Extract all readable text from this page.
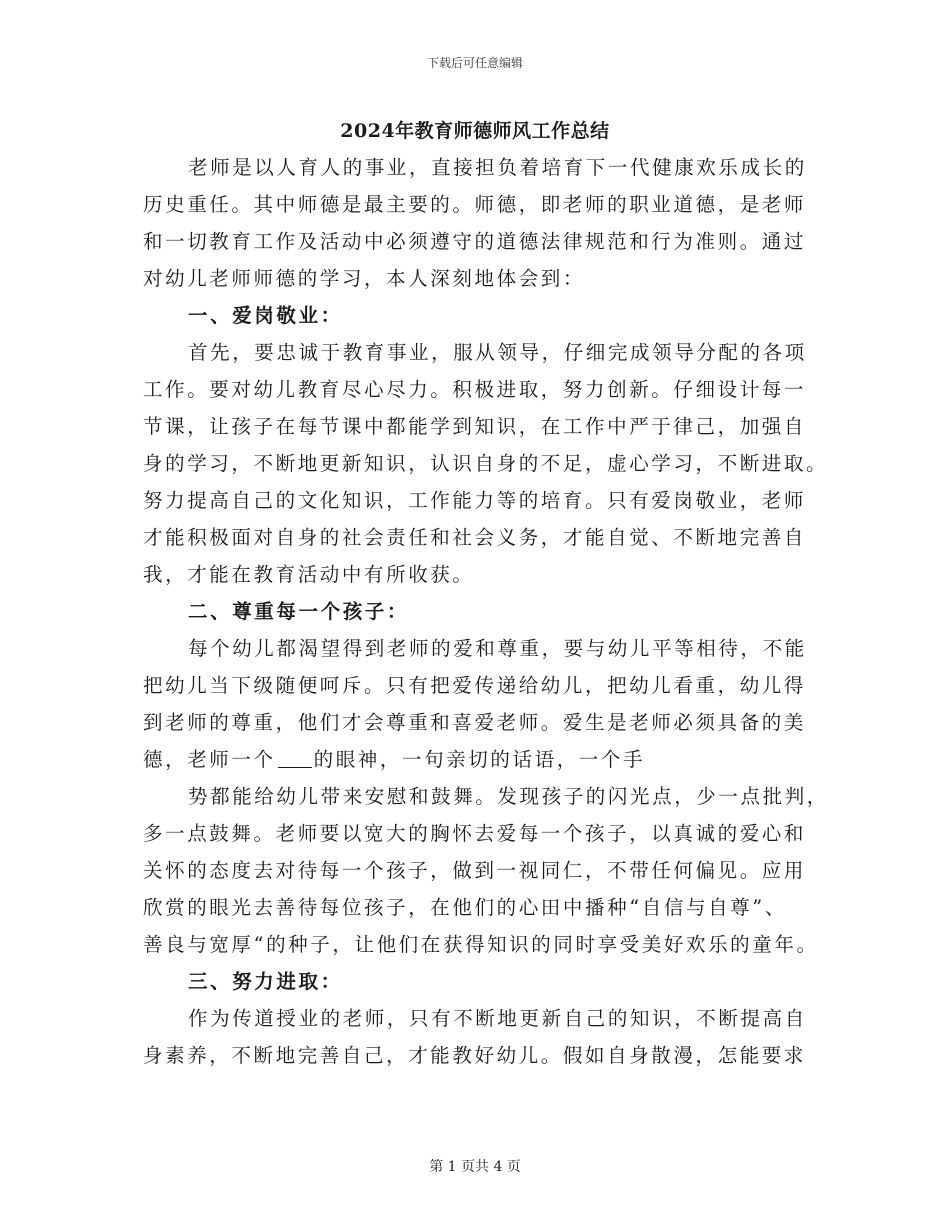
下载后可任意编辑
2024年教育师德师风工作总结
老师是以人育人的事业，直接担负着培育下一代健康欢乐成长的
历史重任。其中师德是最主要的。师德，即老师的职业道德，是老师
和一切教育工作及活动中必须遵守的道德法律规范和行为准则。通过
对幼儿老师师德的学习，本人深刻地体会到：
一、爱岗敬业：
首先，要忠诚于教育事业，服从领导，仔细完成领导分配的各项
工作。要对幼儿教育尽心尽力。积极进取，努力创新。仔细设计每一
节课，让孩子在每节课中都能学到知识，在工作中严于律己，加强自
身的学习，不断地更新知识，认识自身的不足，虚心学习，不断进取。
努力提高自己的文化知识，工作能力等的培育。只有爱岗敬业，老师
才能积极面对自身的社会责任和社会义务，才能自觉、不断地完善自
我，才能在教育活动中有所收获。
二、尊重每一个孩子：
每个幼儿都渴望得到老师的爱和尊重，要与幼儿平等相待，不能
把幼儿当下级随便呵斥。只有把爱传递给幼儿，把幼儿看重，幼儿得
到老师的尊重，他们才会尊重和喜爱老师。爱生是老师必须具备的美
德，老师一个 的眼神，一句亲切的话语，一个手
势都能给幼儿带来安慰和鼓舞。发现孩子的闪光点，少一点批判，
多一点鼓舞。老师要以宽大的胸怀去爱每一个孩子，以真诚的爱心和
关怀的态度去对待每一个孩子，做到一视同仁，不带任何偏见。应用
欣赏的眼光去善待每位孩子，在他们的心田中播种“自信与自尊”、
善良与宽厚“的种子，让他们在获得知识的同时享受美好欢乐的童年。
三、努力进取：
作为传道授业的老师，只有不断地更新自己的知识，不断提高自
身素养，不断地完善自己，才能教好幼儿。假如自身散漫，怎能要求
第 1 页共 4 页
